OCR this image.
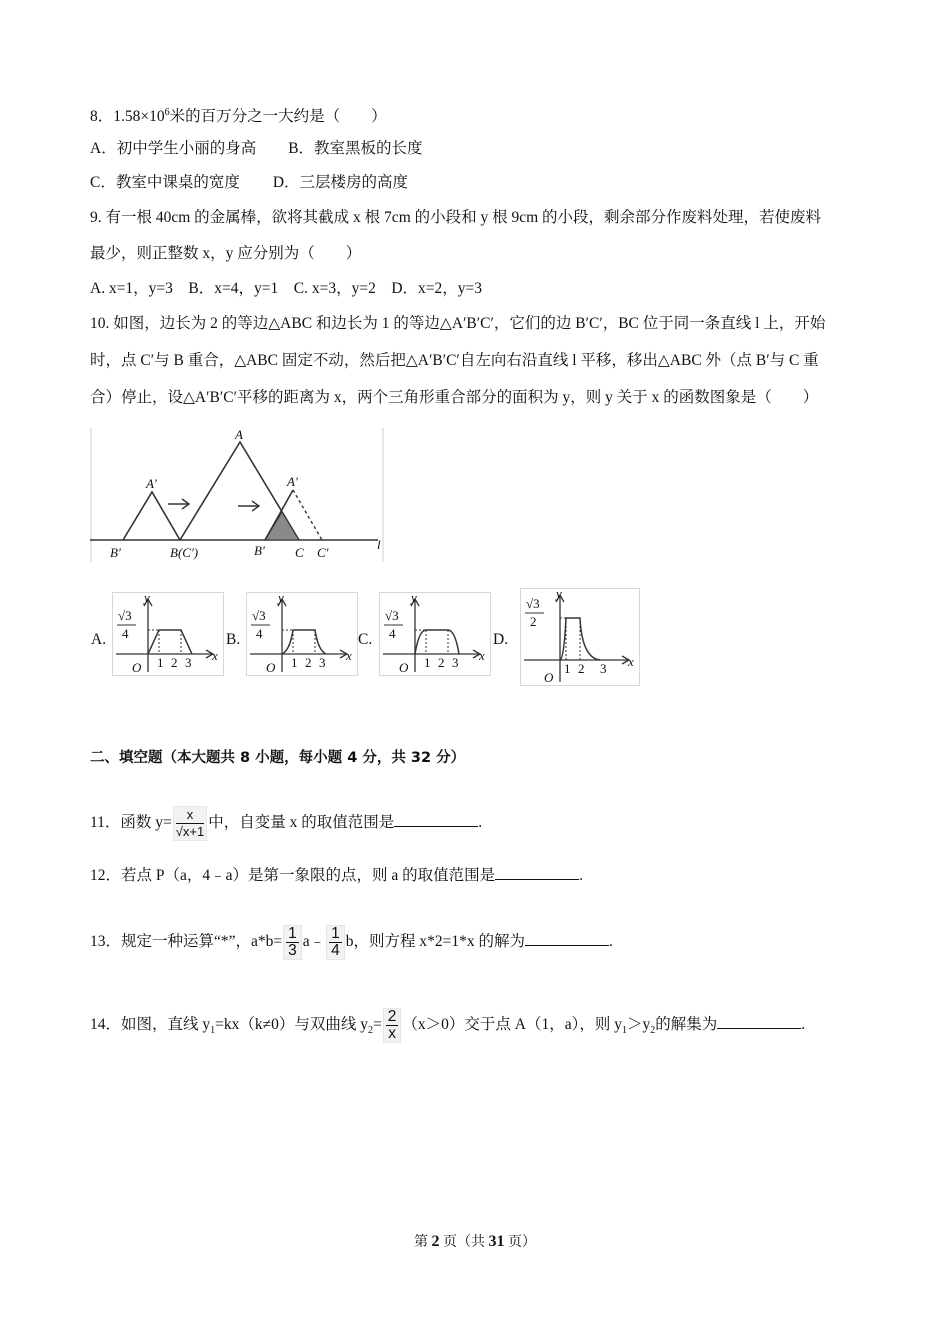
8．$1.58\times 10^6$米的百万分之一大约是（　　）
A．初中学生小丽的身高 B．教室黑板的长度
C．教室中课桌的宽度 D．三层楼房的高度
9. 有一根 40cm 的金属棒，欲将其截成 x 根 7cm 的小段和 y 根 9cm 的小段，剩余部分作废料处理，若使废料
最少，则正整数 x，y 应分别为（　　）
A. x=1，y=3　B．x=4，y=1　C. x=3，y=2　D．x=2，y=3
10. 如图，边长为 2 的等边△ABC 和边长为 1 的等边△A′B′C′，它们的边 B′C′，BC 位于同一条直线 l 上，开始
时，点 C′与 B 重合，△ABC 固定不动，然后把△A′B′C′自左向右沿直线 l 平移，移出△ABC 外（点 B′与 C 重
合）停止，设△A′B′C′平移的距离为 x，两个三角形重合部分的面积为 y，则 y 关于 x 的函数图象是（　　）
A
A′	A′
B′	B(C′)	B′ C C′
l
A.
y
x
O
√3
4
1 2 3
B.
y
x
O
√3
4
1 2 3
C.
y
x
O
√3
4
1 2 3
D.
y
x
O
√3
2
1 2 3
二、填空题（本大题共 8 小题，每小题 4 分，共 32 分）
11．函数 $y= \frac{x}{√x+1}$ 中，自变量 x 的取值范围是	.
12．若点 P（a，4﹣a）是第一象限的点，则 a 的取值范围是	.
13．规定一种运算“*”，$a*b= \frac{1}{3}$ a﹣ $\frac{1}{4}$ b，则方程 x*2=1*x 的解为	.
14．如图，直线 $y_1=kx(k\ne 0)$与双曲线 $y_2= \frac{2}{x} (x>0)$交于点 A（1，a），则 $y_1>y_2$的解集为	.
第 2 页（共 31 页）
